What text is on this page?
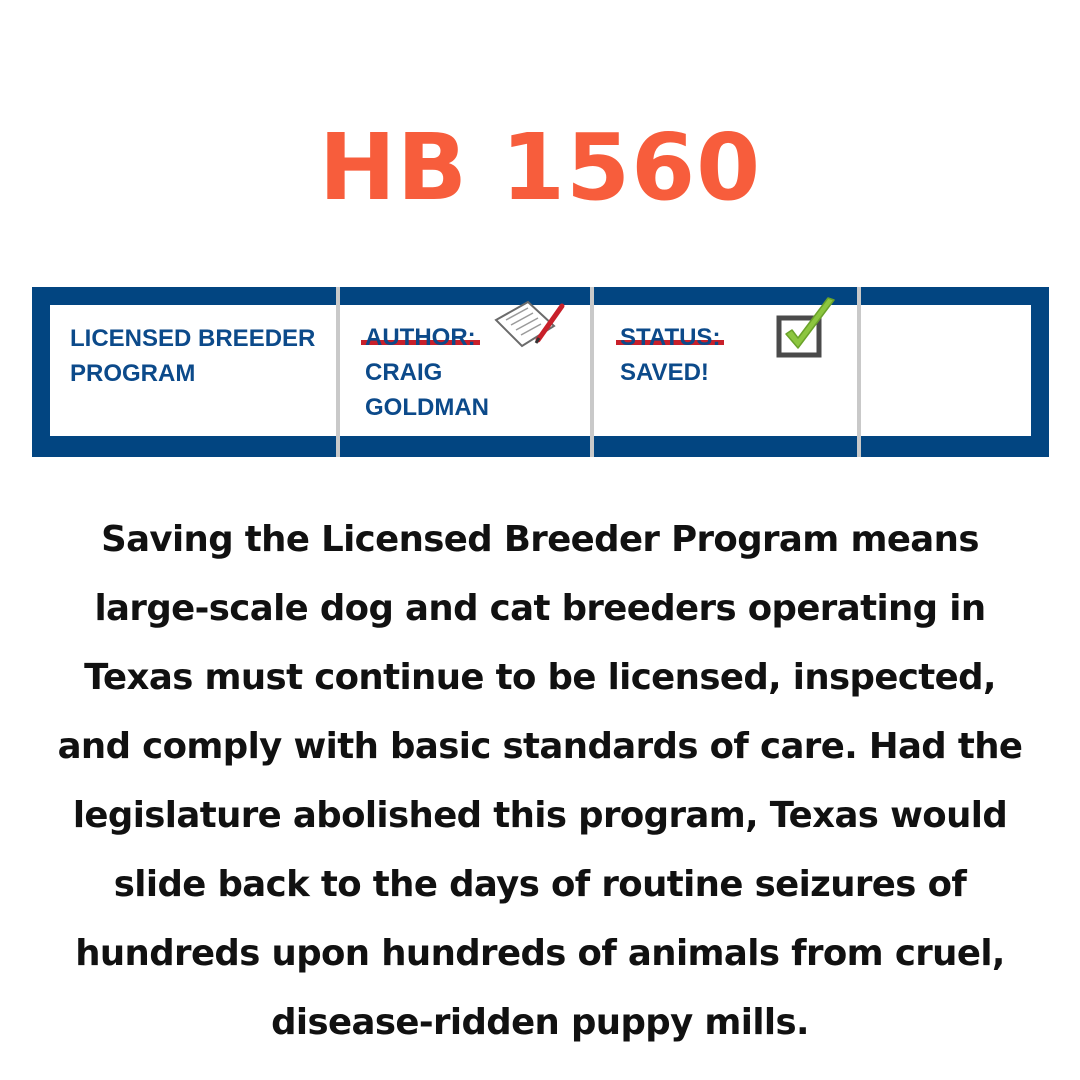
HB 1560
LICENSED BREEDER
PROGRAM
AUTHOR:
CRAIG
GOLDMAN
STATUS:
SAVED!
Saving the Licensed Breeder Program means
large-scale dog and cat breeders operating in
Texas must continue to be licensed, inspected,
and comply with basic standards of care. Had the
legislature abolished this program, Texas would
slide back to the days of routine seizures of
hundreds upon hundreds of animals from cruel,
disease-ridden puppy mills.
